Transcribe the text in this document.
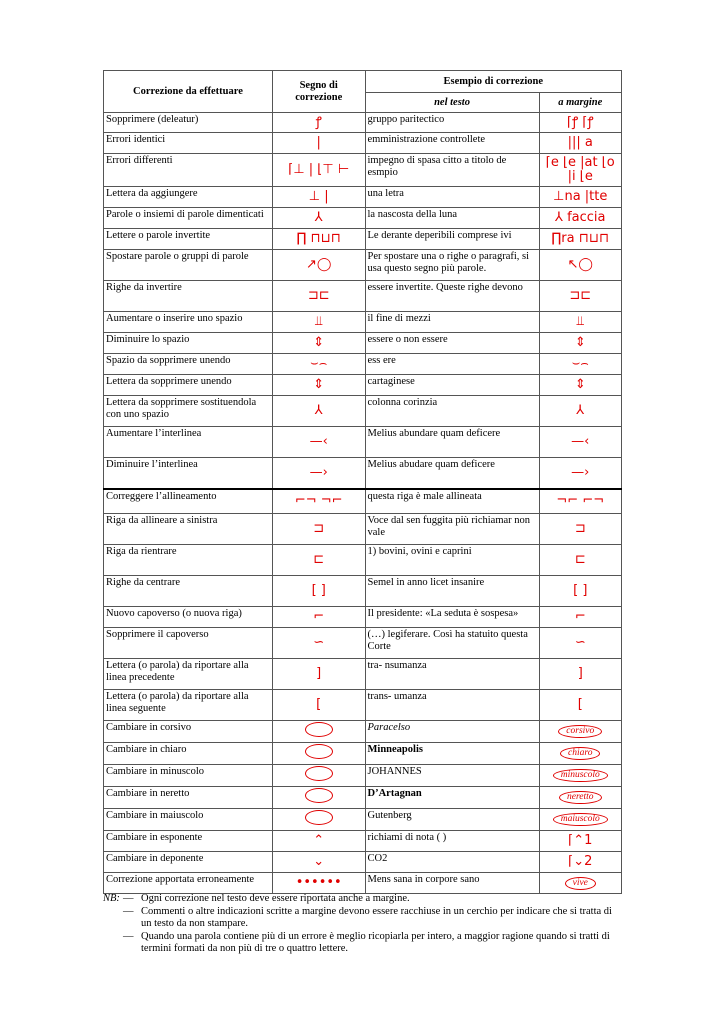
Correzione da effettuare	Segno di correzione	Esempio di correzione	
		nel testo	a margine
Sopprimere (deleatur)	ꝭ	gruppo paritectico	⌈ꝭ ⌈ꝭ
Errori identici	|	emministrazione controllete	||| a
Errori differenti	⌈⊥ | ⌊⊤ ⊢	impegno di spasa citto a titolo de esmpio	⌈e ⌊e |at ⌊o |i ⌊e
Lettera da aggiungere	⊥ |	una letra	⊥na |tte
Parole o insiemi di parole dimenticati	⅄	la nascosta della luna	⅄ faccia
Lettere o parole invertite	∏ ⊓⊔⊓	Le derante deperibili comprese ivi	∏ra ⊓⊔⊓
Spostare parole o gruppi di parole	↗◯	Per spostare una o righe o paragrafi, si usa questo segno più parole.	↖◯
Righe da invertire	⊐⊏	essere invertite. Queste righe devono	⊐⊏
Aumentare o inserire uno spazio	⫫	il fine di mezzi	⫫
Diminuire lo spazio	⇕	essere o non essere	⇕
Spazio da sopprimere unendo	⌣⌢	ess ere	⌣⌢
Lettera da sopprimere unendo	⇕	cartaginese	⇕
Lettera da sopprimere sostituendola con uno spazio	⅄	colonna corinzia	⅄
Aumentare l’interlinea	—‹	Melius abundare quam deficere	—‹
Diminuire l’interlinea	—›	Melius abudare quam deficere	—›
Correggere l’allineamento	⌐¬ ¬⌐	questa riga è male allineata	¬⌐ ⌐¬
Riga da allineare a sinistra	⊐	Voce dal sen fuggita più richiamar non vale	⊐
Riga da rientrare	⊏	1) bovini, ovini e caprini	⊏
Righe da centrare	[ ]	Semel in anno licet insanire	[ ]
Nuovo capoverso (o nuova riga)	⌐	Il presidente: «La seduta è sospesa»	⌐
Sopprimere il capoverso	∽	(…) legiferare. Così ha statuito questa Corte	∽
Lettera (o parola) da riportare alla linea precedente	]	tra- nsumanza	]
Lettera (o parola) da riportare alla linea seguente	[	trans- umanza	[
Cambiare in corsivo		Paracelso	corsivo
Cambiare in chiaro		Minneapolis	chiaro
Cambiare in minuscolo		JOHANNES	minuscolo
Cambiare in neretto		D’Artagnan	neretto
Cambiare in maiuscolo		Gutenberg	maiuscolo
Cambiare in esponente	⌃	richiami di nota ( )	⌈⌃1
Cambiare in deponente	⌄	CO2	⌈⌄2
Correzione apportata erroneamente	••••••	Mens sana in corpore sano	vive
NB: — Ogni correzione nel testo deve essere riportata anche a margine.
— Commenti o altre indicazioni scritte a margine devono essere racchiuse in un cerchio per indicare che si tratta di un testo da non stampare.
— Quando una parola contiene più di un errore è meglio ricopiarla per intero, a maggior ragione quando si tratti di termini formati da non più di tre o quattro lettere.
